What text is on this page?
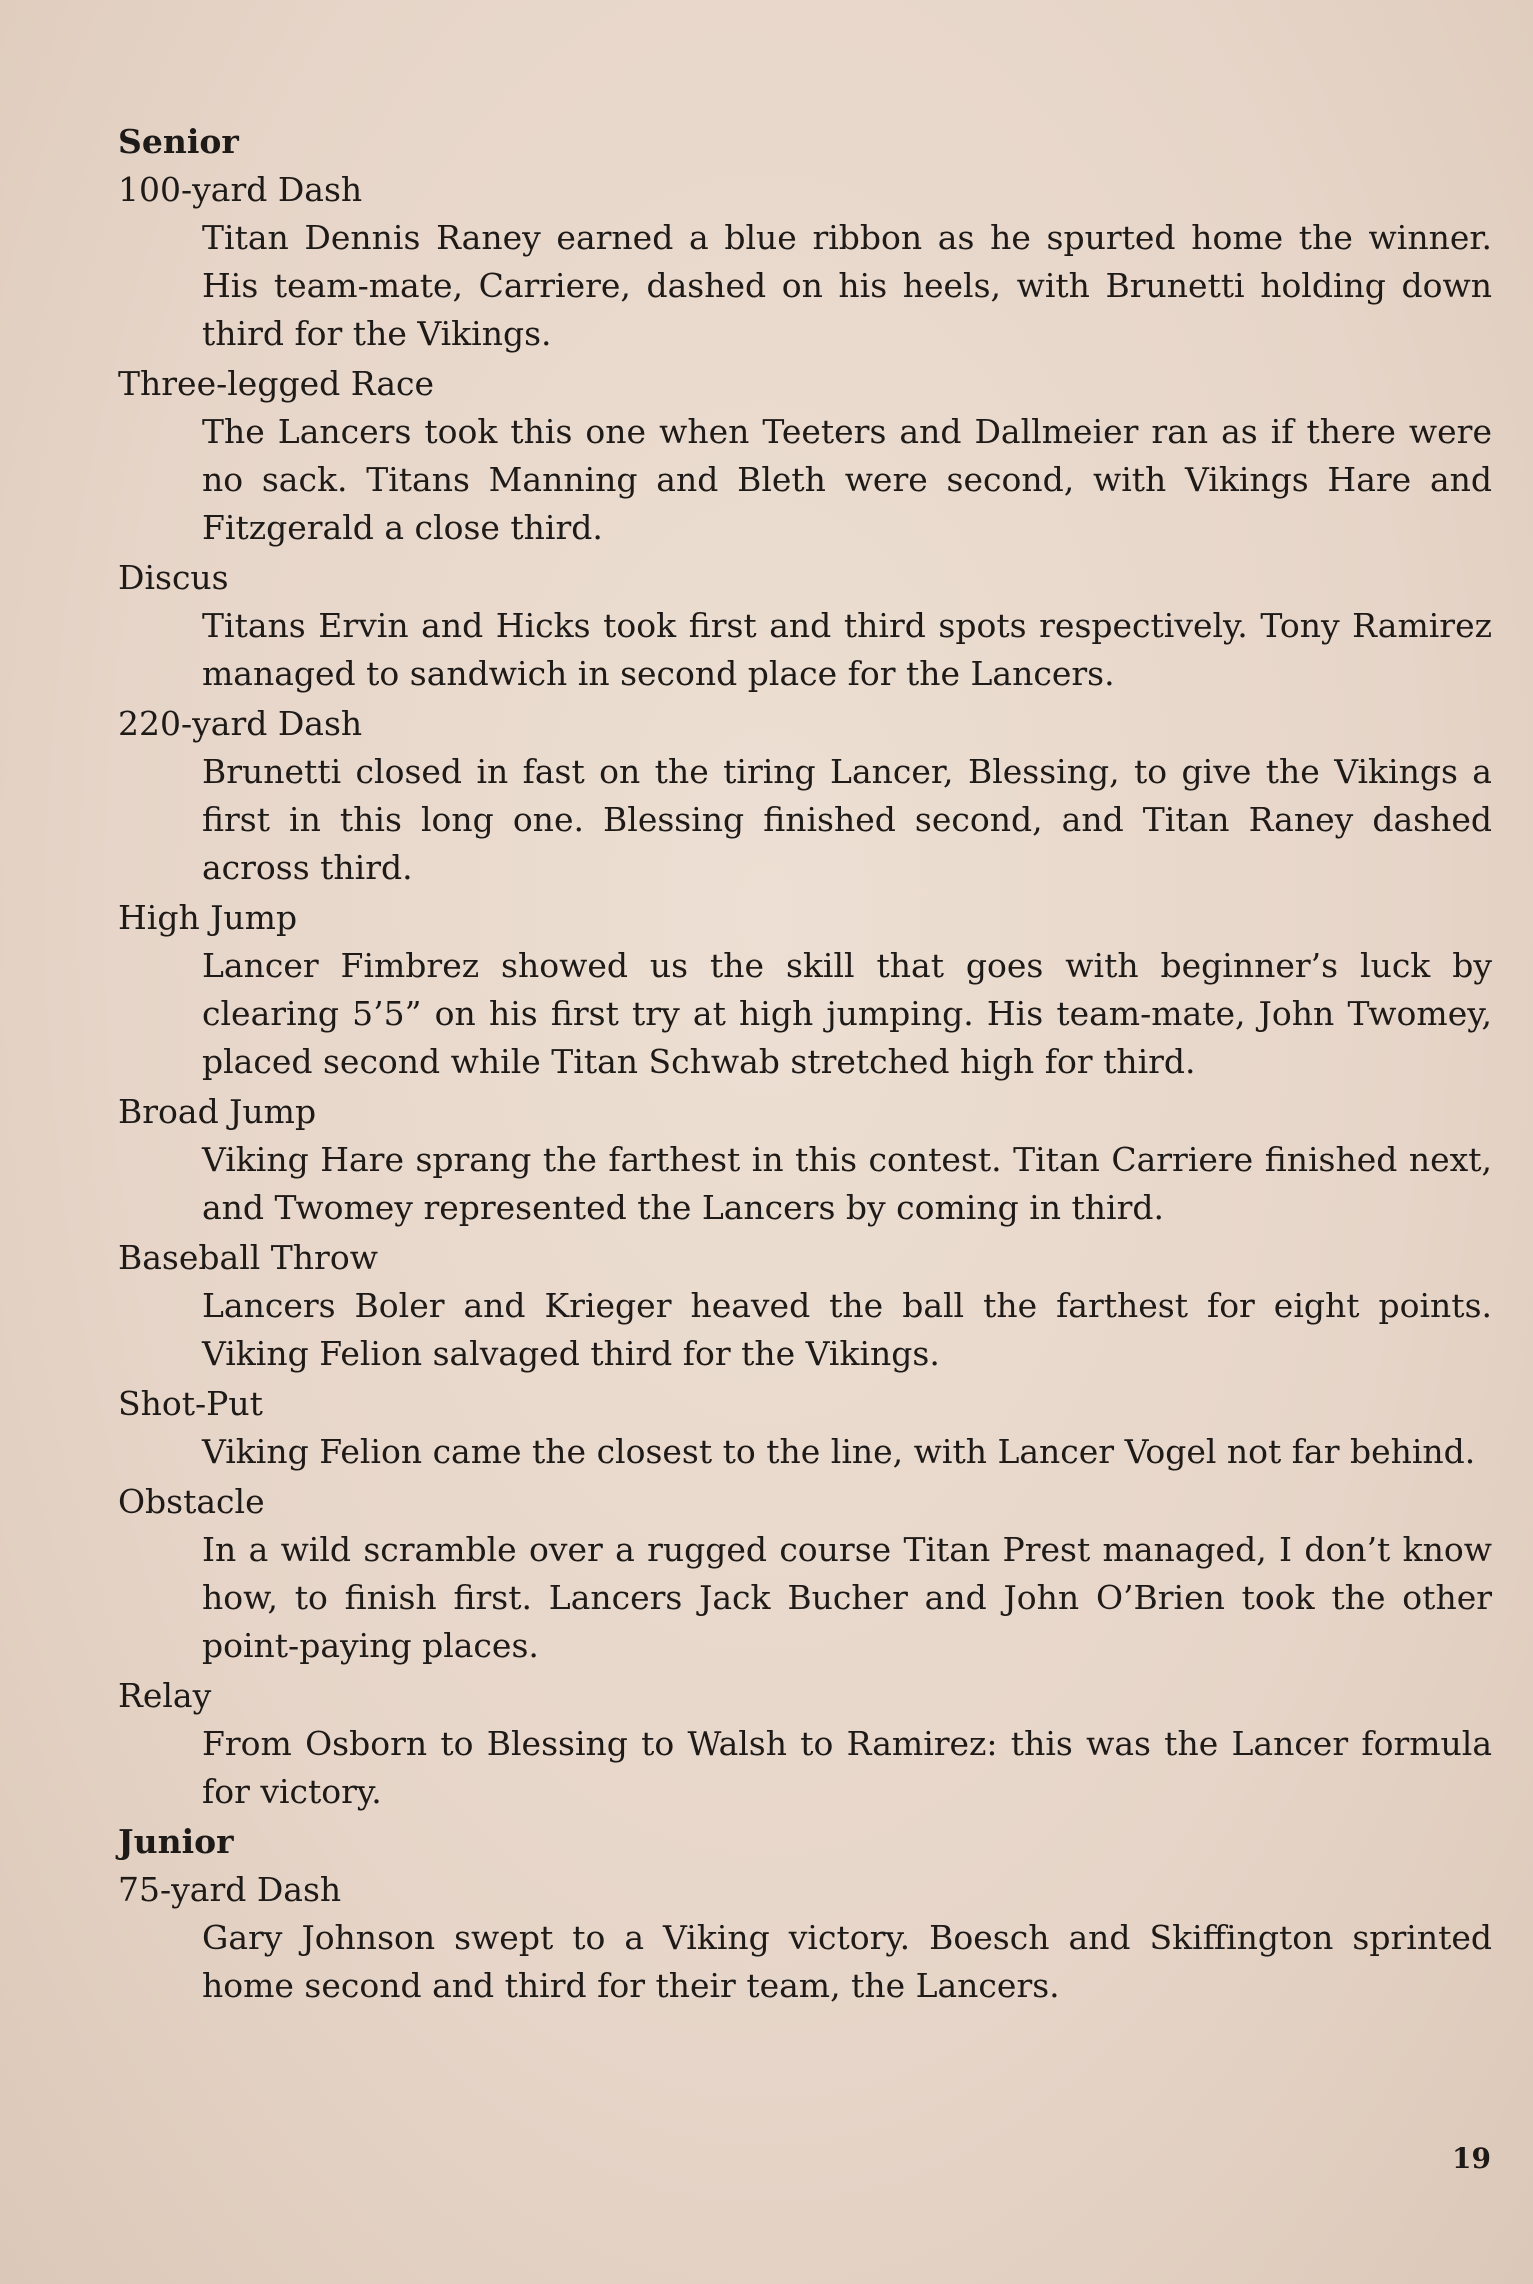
Senior
100-yard Dash

Titan Dennis Raney earned a blue ribbon as he spurted home the winner. His team-mate, Carriere, dashed on his heels, with Brunetti holding down third for the Vikings.

Three-legged Race

The Lancers took this one when Teeters and Dallmeier ran as if there were no sack. Titans Manning and Bleth were second, with Vikings Hare and Fitzgerald a close third.

Discus

Titans Ervin and Hicks took first and third spots respectively. Tony Ramirez managed to sandwich in second place for the Lancers.

220-yard Dash

Brunetti closed in fast on the tiring Lancer, Blessing, to give the Vikings a first in this long one. Blessing finished second, and Titan Raney dashed across third.

High Jump

Lancer Fimbrez showed us the skill that goes with beginner’s luck by clearing 5’5” on his first try at high jumping. His team-mate, John Twomey, placed second while Titan Schwab stretched high for third.

Broad Jump

Viking Hare sprang the farthest in this contest. Titan Carriere finished next, and Twomey represented the Lancers by coming in third.

Baseball Throw

Lancers Boler and Krieger heaved the ball the farthest for eight points. Viking Felion salvaged third for the Vikings.

Shot-Put

Viking Felion came the closest to the line, with Lancer Vogel not far behind.

Obstacle

In a wild scramble over a rugged course Titan Prest managed, I don’t know how, to finish first. Lancers Jack Bucher and John O’Brien took the other point-paying places.

Relay

From Osborn to Blessing to Walsh to Ramirez: this was the Lancer formula for victory.

Junior
75-yard Dash

Gary Johnson swept to a Viking victory. Boesch and Skiffington sprinted home second and third for their team, the Lancers.

19
